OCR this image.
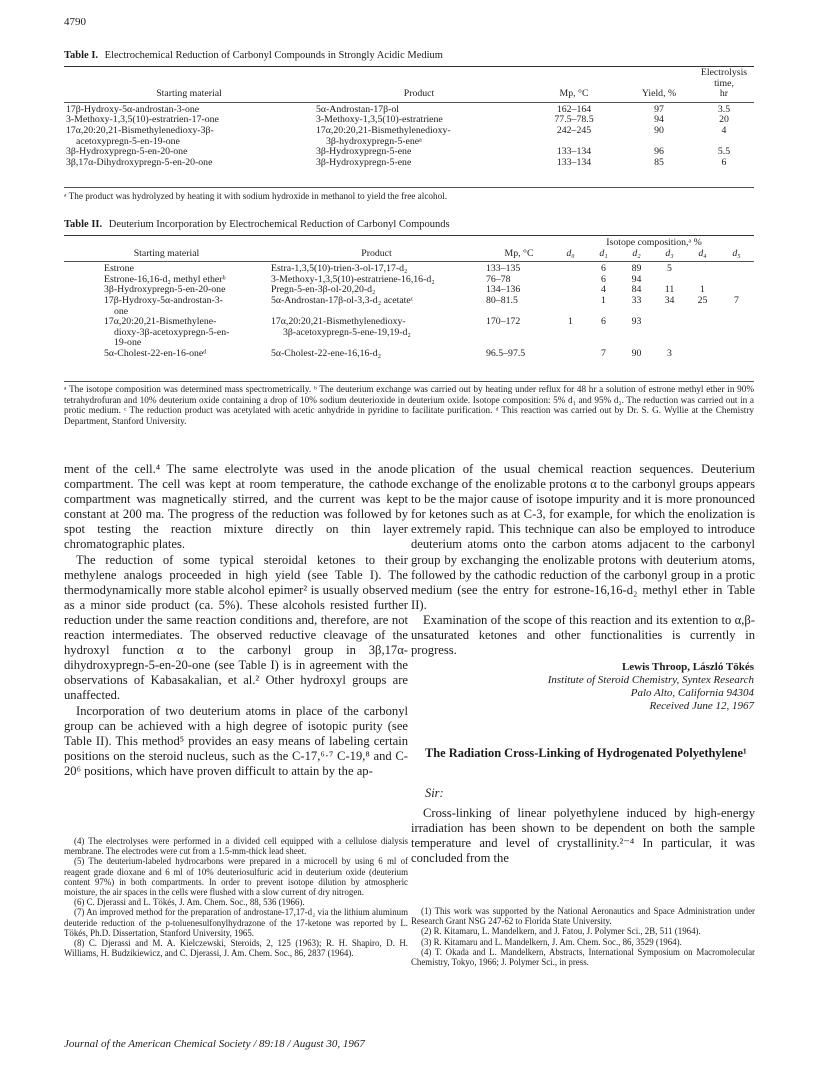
4790
Table I. Electrochemical Reduction of Carbonyl Compounds in Strongly Acidic Medium
Starting material	Product	Mp, °C	Yield, %	Electrolysis
time,
hr

17β-Hydroxy-5α-androstan-3-one	5α-Androstan-17β-ol	162–164	97	3.5
3-Methoxy-1,3,5(10)-estratrien-17-one	3-Methoxy-1,3,5(10)-estratriene	77.5–78.5	94	20
17α,20:20,21-Bismethylenedioxy-3β-	17α,20:20,21-Bismethylenedioxy-	242–245	90	4
acetoxypregn-5-en-19-one	3β-hydroxypregn-5-eneᵃ			
3β-Hydroxypregn-5-en-20-one	3β-Hydroxypregn-5-ene	133–134	96	5.5
3β,17α-Dihydroxypregn-5-en-20-one	3β-Hydroxypregn-5-ene	133–134	85	6
ᵃ The product was hydrolyzed by heating it with sodium hydroxide in methanol to yield the free alcohol.
Table II. Deuterium Incorporation by Electrochemical Reduction of Carbonyl Compounds
Starting material	Product	Mp, °C	Isotope composition,ᵃ %					
			d₀	d₁	d₂	d₃	d₄	d₅

Estrone	Estra-1,3,5(10)-trien-3-ol-17,17-d₂	133–135		6	89	5		
Estrone-16,16-d₂ methyl etherᵇ	3-Methoxy-1,3,5(10)-estratriene-16,16-d₂	76–78		6	94			
3β-Hydroxypregn-5-en-20-one	Pregn-5-en-3β-ol-20,20-d₂	134–136		4	84	11	1	
17β-Hydroxy-5α-androstan-3-	5α-Androstan-17β-ol-3,3-d₂ acetateᶜ	80–81.5		1	33	34	25	7
one								
17α,20:20,21-Bismethylene-	17α,20:20,21-Bismethylenedioxy-	170–172	1	6	93			
dioxy-3β-acetoxypregn-5-en-	3β-acetoxypregn-5-ene-19,19-d₂							
19-one								
5α-Cholest-22-en-16-oneᵈ	5α-Cholest-22-ene-16,16-d₂	96.5–97.5		7	90	3		
ᵃ The isotope composition was determined mass spectrometrically. ᵇ The deuterium exchange was carried out by heating under reflux for 48 hr a solution of estrone methyl ether in 90% tetrahydrofuran and 10% deuterium oxide containing a drop of 10% sodium deuterioxide in deuterium oxide. Isotope composition: 5% d₁ and 95% d₂. The reduction was carried out in a protic medium. ᶜ The reduction product was acetylated with acetic anhydride in pyridine to facilitate purification. ᵈ This reaction was carried out by Dr. S. G. Wyllie at the Chemistry Department, Stanford University.

ment of the cell.⁴ The same electrolyte was used in the anode compartment. The cell was kept at room temperature, the cathode compartment was magnetically stirred, and the current was kept constant at 200 ma. The progress of the reduction was followed by spot testing the reaction mixture directly on thin layer chromatographic plates.

The reduction of some typical steroidal ketones to their methylene analogs proceeded in high yield (see Table I). The thermodynamically more stable alcohol epimer² is usually observed as a minor side product (ca. 5%). These alcohols resisted further reduction under the same reaction conditions and, therefore, are not reaction intermediates. The observed reductive cleavage of the hydroxyl function α to the carbonyl group in 3β,17α-dihydroxypregn-5-en-20-one (see Table I) is in agreement with the observations of Kabasakalian, et al.² Other hydroxyl groups are unaffected.

Incorporation of two deuterium atoms in place of the carbonyl group can be achieved with a high degree of isotopic purity (see Table II). This method⁵ provides an easy means of labeling certain positions on the steroid nucleus, such as the C-17,⁶·⁷ C-19,⁸ and C-20⁶ positions, which have proven difficult to attain by the ap-

(4) The electrolyses were performed in a divided cell equipped with a cellulose dialysis membrane. The electrodes were cut from a 1.5-mm-thick lead sheet.

(5) The deuterium-labeled hydrocarbons were prepared in a microcell by using 6 ml of reagent grade dioxane and 6 ml of 10% deuteriosulfuric acid in deuterium oxide (deuterium content 97%) in both compartments. In order to prevent isotope dilution by atmospheric moisture, the air spaces in the cells were flushed with a slow current of dry nitrogen.

(6) C. Djerassi and L. Tökés, J. Am. Chem. Soc., 88, 536 (1966).

(7) An improved method for the preparation of androstane-17,17-d₂ via the lithium aluminum deuteride reduction of the p-toluenesulfonylhydrazone of the 17-ketone was reported by L. Tökés, Ph.D. Dissertation, Stanford University, 1965.

(8) C. Djerassi and M. A. Kielczewski, Steroids, 2, 125 (1963); R. H. Shapiro, D. H. Williams, H. Budzikiewicz, and C. Djerassi, J. Am. Chem. Soc., 86, 2837 (1964).

plication of the usual chemical reaction sequences. Deuterium exchange of the enolizable protons α to the carbonyl groups appears to be the major cause of isotope impurity and it is more pronounced for ketones such as at C-3, for example, for which the enolization is extremely rapid. This technique can also be employed to introduce deuterium atoms onto the carbon atoms adjacent to the carbonyl group by exchanging the enolizable protons with deuterium atoms, followed by the cathodic reduction of the carbonyl group in a protic medium (see the entry for estrone-16,16-d₂ methyl ether in Table II).

Examination of the scope of this reaction and its extention to α,β-unsaturated ketones and other functionalities is currently in progress.

Lewis Throop, László Tökés
Institute of Steroid Chemistry, Syntex Research
Palo Alto, California 94304
Received June 12, 1967
The Radiation Cross-Linking of Hydrogenated Polyethylene¹
Sir:

Cross-linking of linear polyethylene induced by high-energy irradiation has been shown to be dependent on both the sample temperature and level of crystallinity.²⁻⁴ In particular, it was concluded from the

(1) This work was supported by the National Aeronautics and Space Administration under Research Grant NSG 247-62 to Florida State University.

(2) R. Kitamaru, L. Mandelkern, and J. Fatou, J. Polymer Sci., 2B, 511 (1964).

(3) R. Kitamaru and L. Mandelkern, J. Am. Chem. Soc., 86, 3529 (1964).

(4) T. Okada and L. Mandelkern, Abstracts, International Symposium on Macromolecular Chemistry, Tokyo, 1966; J. Polymer Sci., in press.

Journal of the American Chemical Society / 89:18 / August 30, 1967
